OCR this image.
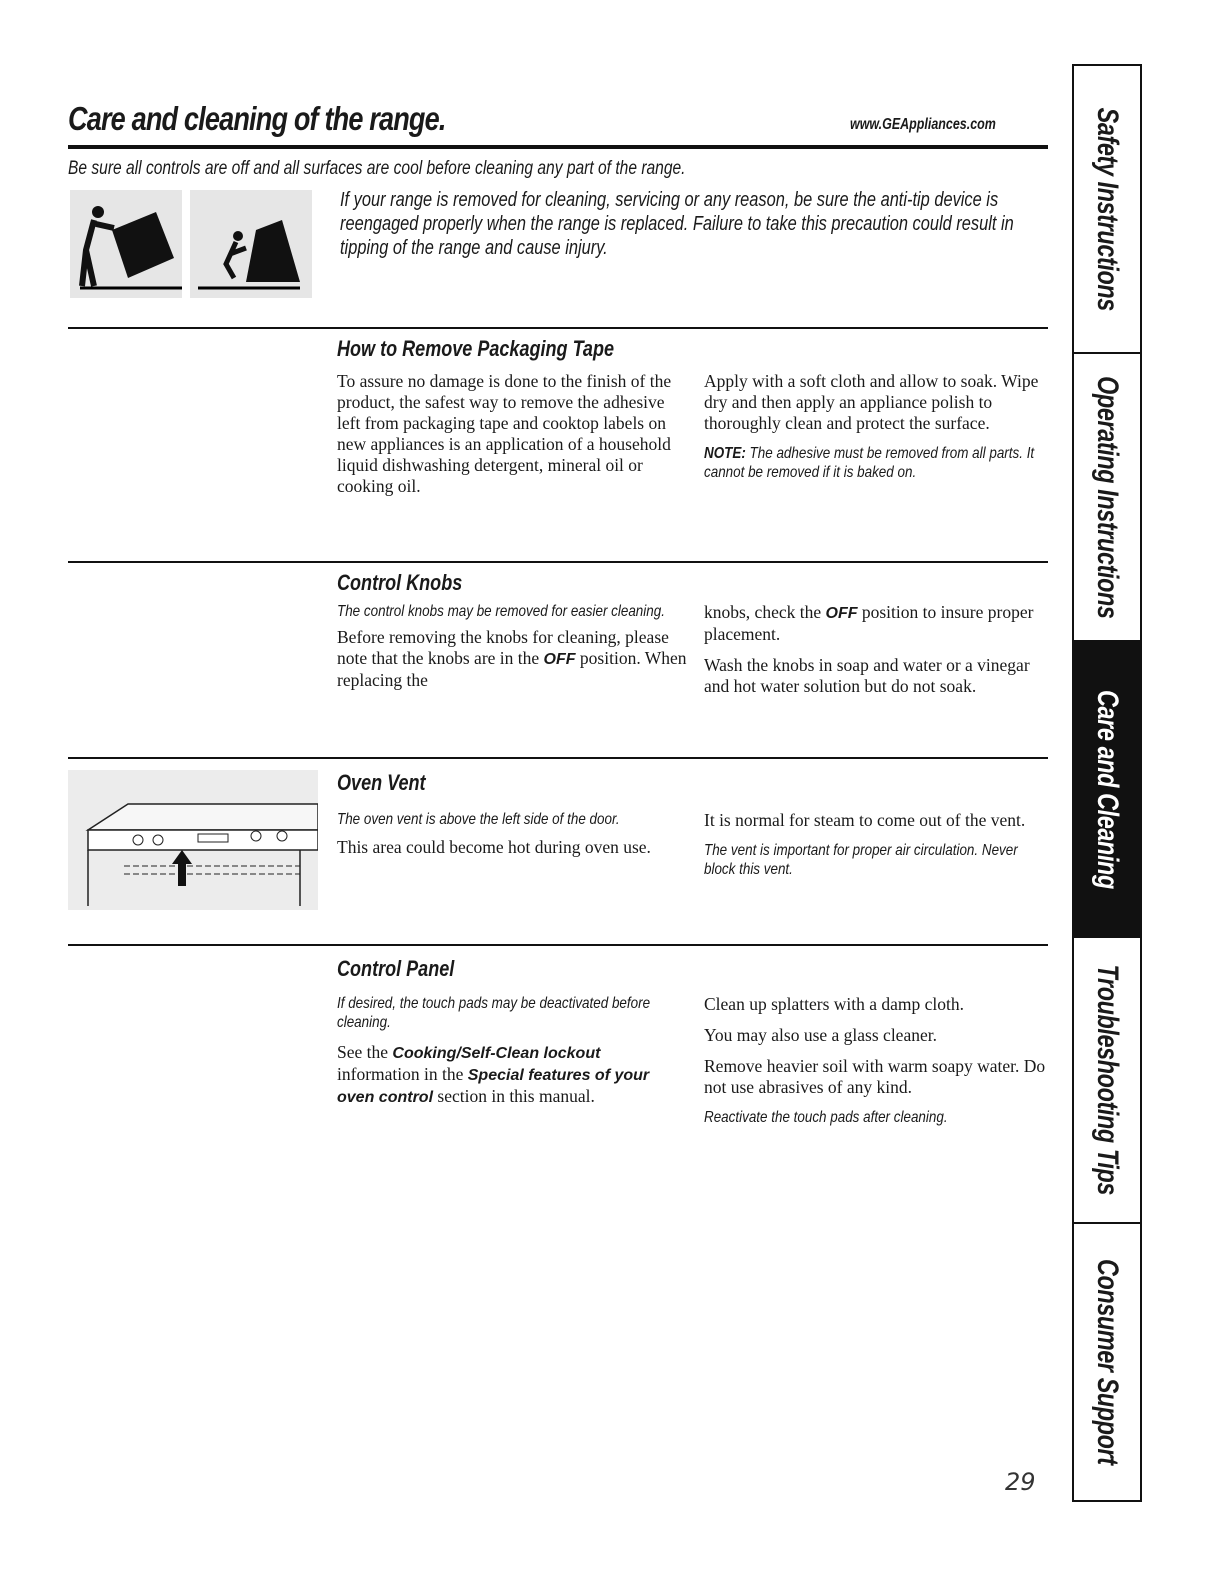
Care and cleaning of the range.	www.GEAppliances.com
Be sure all controls are off and all surfaces are cool before cleaning any part of the range.
If your range is removed for cleaning, servicing or any reason, be sure the anti-tip device is reengaged properly when the range is replaced. Failure to take this precaution could result in tipping of the range and cause injury.
How to Remove Packaging Tape

To assure no damage is done to the finish of the product, the safest way to remove the adhesive left from packaging tape and cooktop labels on new appliances is an application of a household liquid dishwashing detergent, mineral oil or cooking oil.

Apply with a soft cloth and allow to soak. Wipe dry and then apply an appliance polish to thoroughly clean and protect the surface.

NOTE: The adhesive must be removed from all parts. It cannot be removed if it is baked on.
Control Knobs

The control knobs may be removed for easier cleaning.

Before removing the knobs for cleaning, please note that the knobs are in the OFF position. When replacing the

knobs, check the OFF position to insure proper placement.

Wash the knobs in soap and water or a vinegar and hot water solution but do not soak.

Oven Vent

The oven vent is above the left side of the door.

This area could become hot during oven use.

It is normal for steam to come out of the vent.

The vent is important for proper air circulation. Never block this vent.
Control Panel

If desired, the touch pads may be deactivated before cleaning.

See the Cooking/Self-Clean lockout information in the Special features of your oven control section in this manual.

Clean up splatters with a damp cloth.

You may also use a glass cleaner.

Remove heavier soil with warm soapy water. Do not use abrasives of any kind.

Reactivate the touch pads after cleaning.
29
Safety Instructions
Operating Instructions
Care and Cleaning
Troubleshooting Tips
Consumer Support
